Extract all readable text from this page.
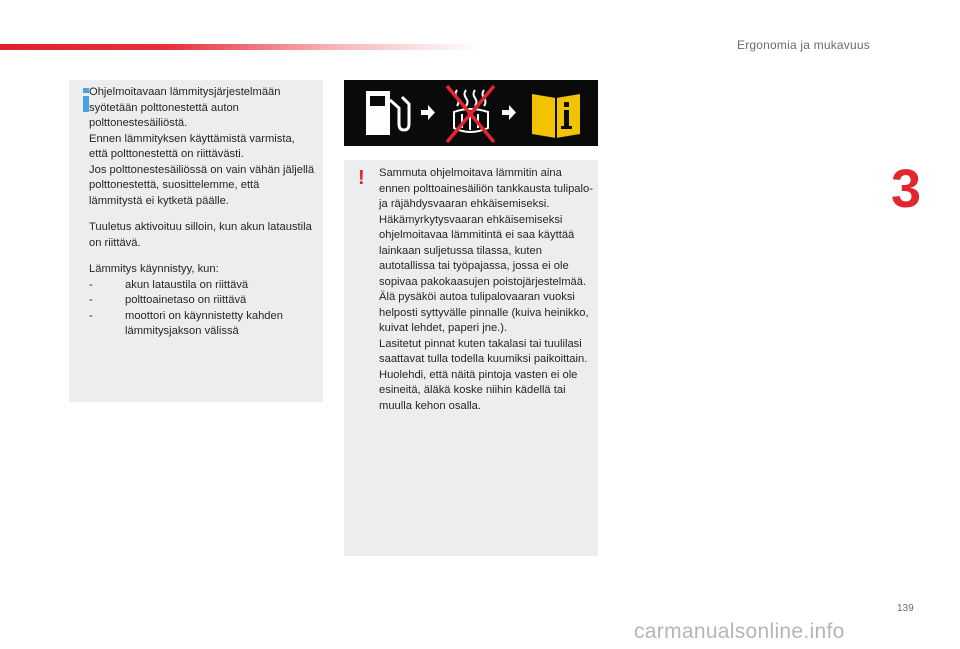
Ergonomia ja mukavuus
3

Ohjelmoitavaan lämmitysjärjestelmään syötetään polttonestettä auton polttonestesäiliöstä.
Ennen lämmityksen käyttämistä varmista, että polttonestettä on riittävästi.
Jos polttonestesäiliössä on vain vähän jäljellä polttonestettä, suosittelemme, että lämmitystä ei kytketä päälle.

Tuuletus aktivoituu silloin, kun akun lataustila on riittävä.

Lämmitys käynnistyy, kun:

-	akun lataustila on riittävä
-	polttoainetaso on riittävä
-	moottori on käynnistetty kahden lämmitysjakson välissä
! Sammuta ohjelmoitava lämmitin aina ennen polttoainesäiliön tankkausta tulipalo- ja räjähdysvaaran ehkäisemiseksi.

Häkämyrkytysvaaran ehkäisemiseksi ohjelmoitavaa lämmitintä ei saa käyttää lainkaan suljetussa tilassa, kuten autotallissa tai työpajassa, jossa ei ole sopivaa pakokaasujen poistojärjestelmää.

Älä pysäköi autoa tulipalovaaran vuoksi helposti syttyvälle pinnalle (kuiva heinikko, kuivat lehdet, paperi jne.).

Lasitetut pinnat kuten takalasi tai tuulilasi saattavat tulla todella kuumiksi paikoittain.

Huolehdi, että näitä pintoja vasten ei ole esineitä, äläkä koske niihin kädellä tai muulla kehon osalla.

139
carmanualsonline.info
